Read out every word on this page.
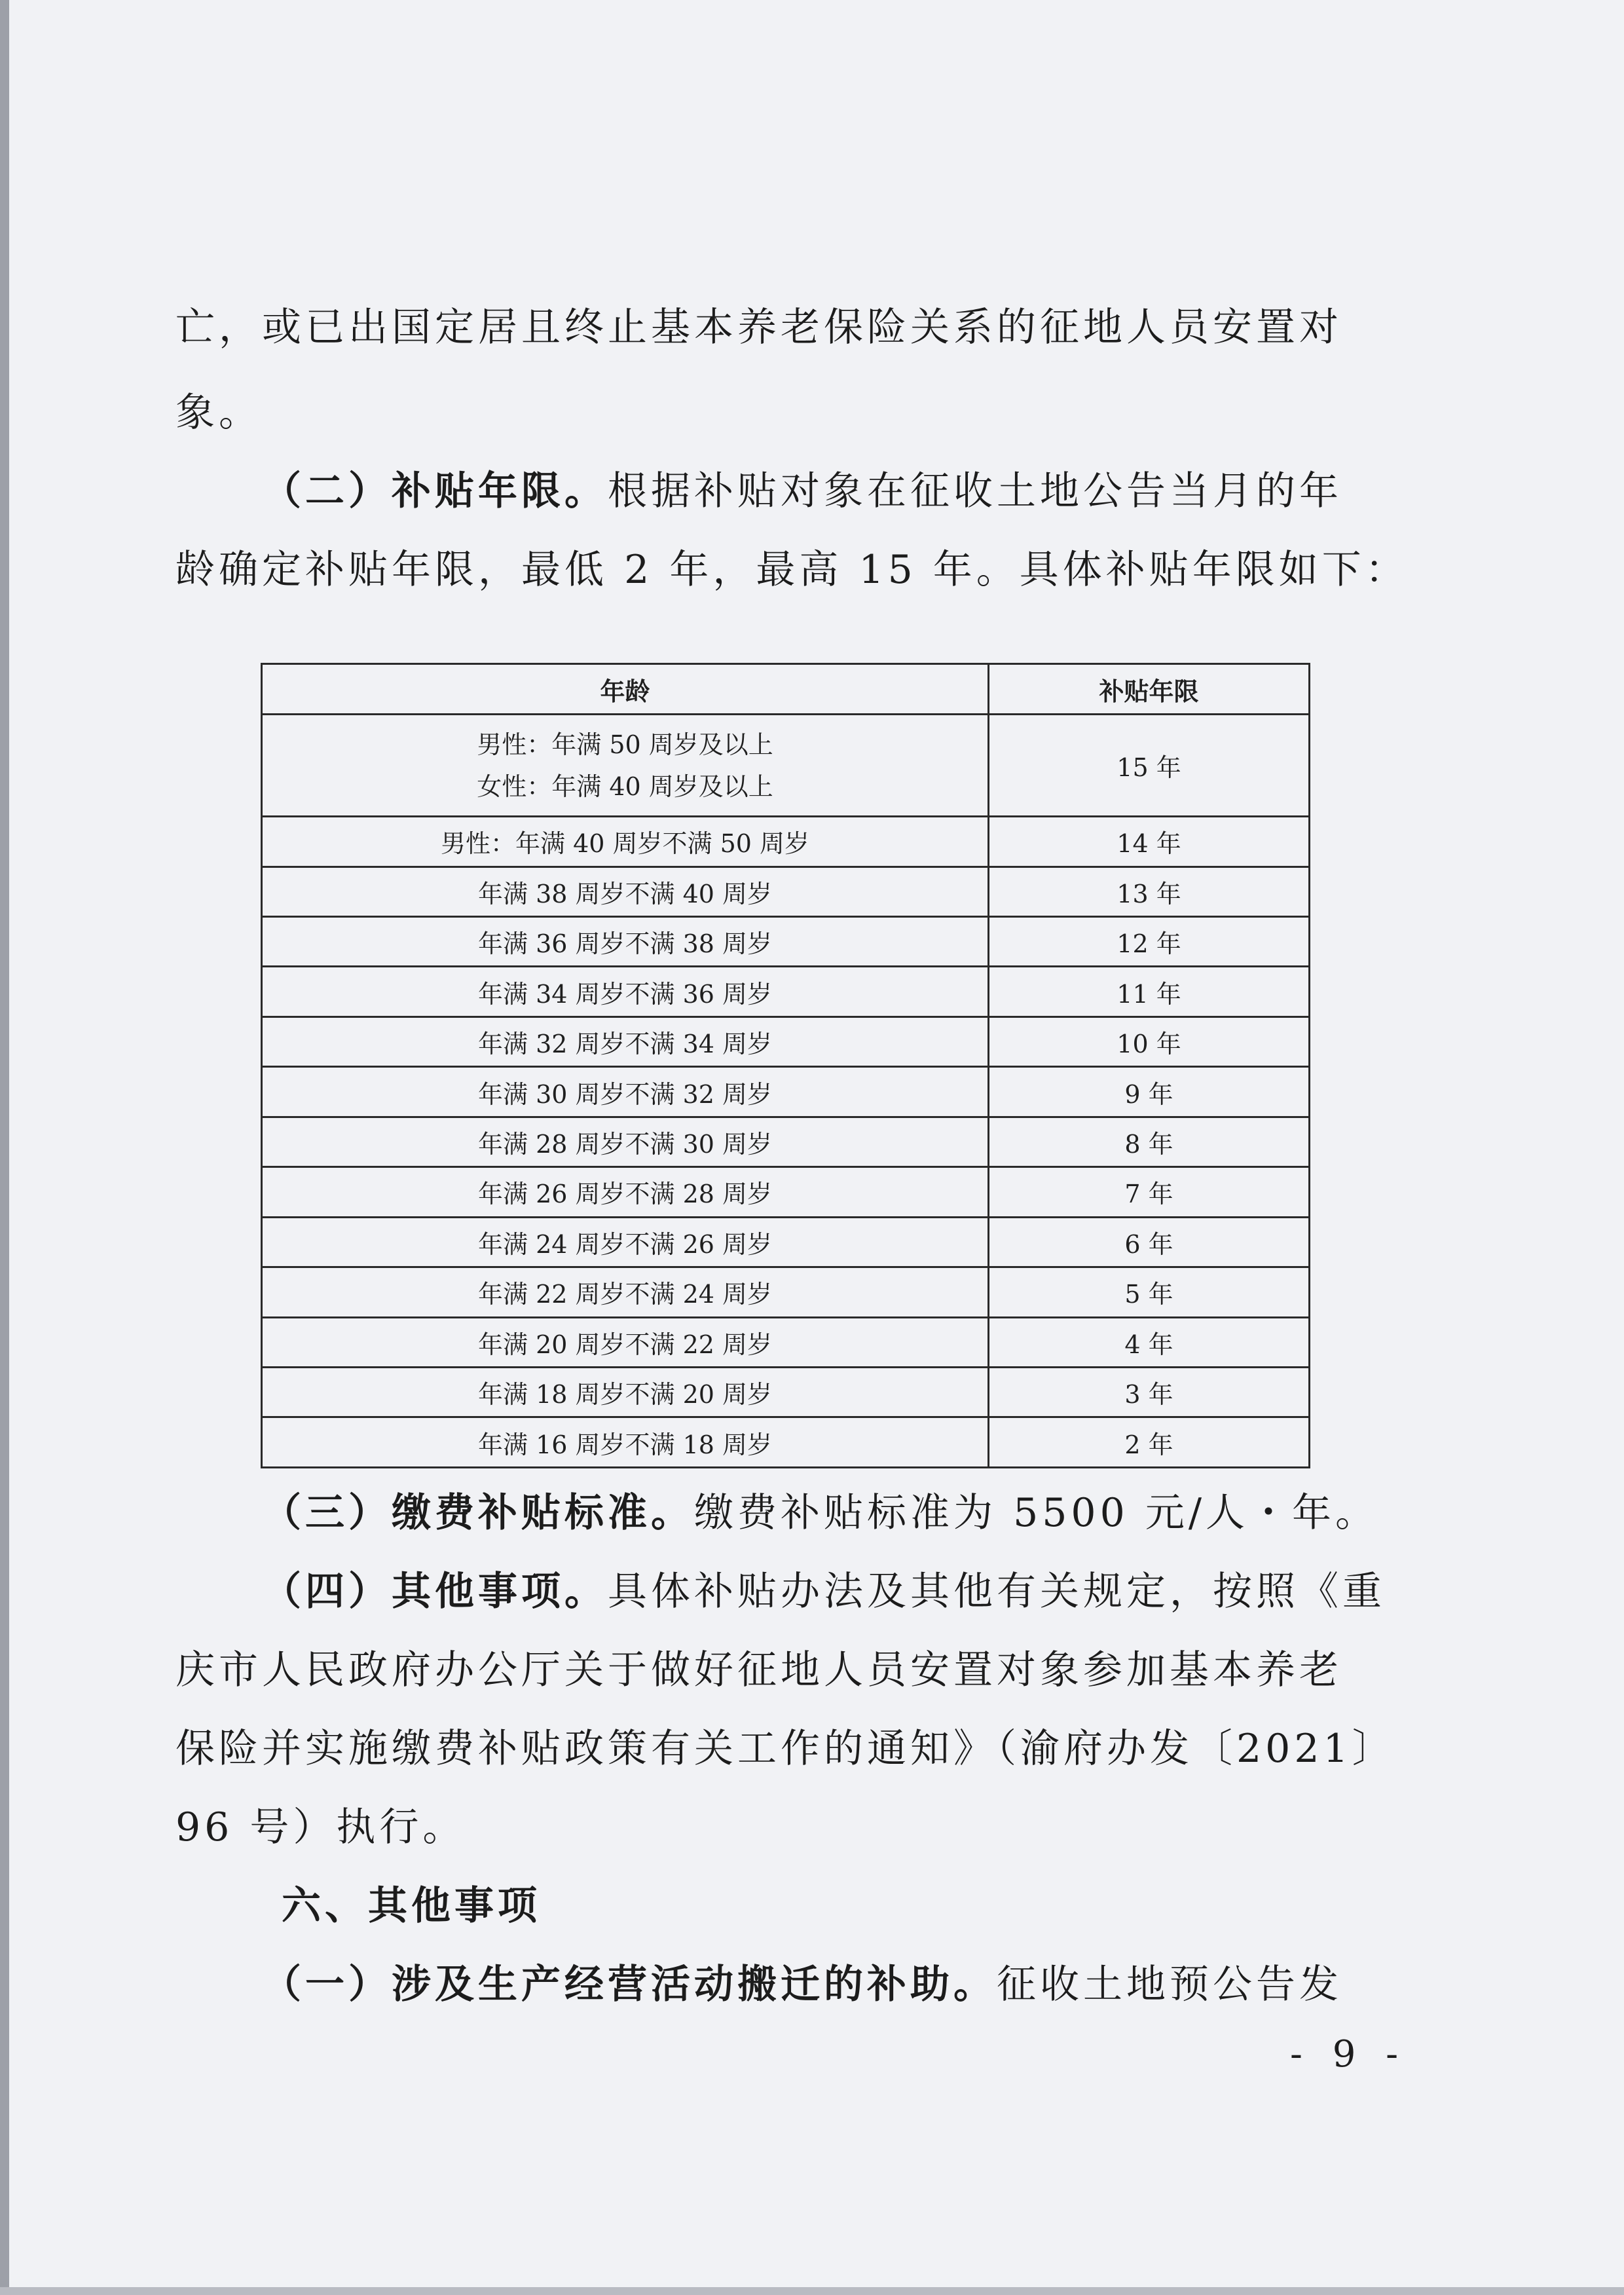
亡，或已出国定居且终止基本养老保险关系的征地人员安置对
象。
（二）补贴年限。根据补贴对象在征收土地公告当月的年
龄确定补贴年限，最低 2 年，最高 15 年。具体补贴年限如下：
年龄	补贴年限

男性：年满 50 周岁及以上
女性：年满 40 周岁及以上	15 年
男性：年满 40 周岁不满 50 周岁	14 年
年满 38 周岁不满 40 周岁	13 年
年满 36 周岁不满 38 周岁	12 年
年满 34 周岁不满 36 周岁	11 年
年满 32 周岁不满 34 周岁	10 年
年满 30 周岁不满 32 周岁	9 年
年满 28 周岁不满 30 周岁	8 年
年满 26 周岁不满 28 周岁	7 年
年满 24 周岁不满 26 周岁	6 年
年满 22 周岁不满 24 周岁	5 年
年满 20 周岁不满 22 周岁	4 年
年满 18 周岁不满 20 周岁	3 年
年满 16 周岁不满 18 周岁	2 年
（三）缴费补贴标准。缴费补贴标准为 5500 元/人・年。
（四）其他事项。具体补贴办法及其他有关规定，按照《重
庆市人民政府办公厅关于做好征地人员安置对象参加基本养老
保险并实施缴费补贴政策有关工作的通知》（渝府办发〔2021〕
96 号）执行。
六、其他事项
（一）涉及生产经营活动搬迁的补助。征收土地预公告发
- 9 -
